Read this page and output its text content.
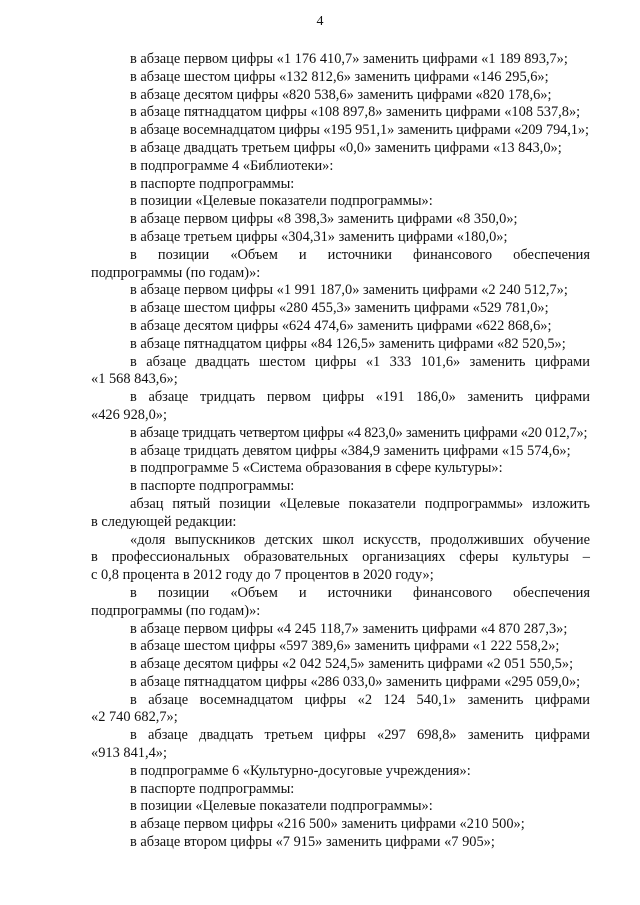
4
в абзаце первом цифры «1 176 410,7» заменить цифрами «1 189 893,7»;
в абзаце шестом цифры «132 812,6» заменить цифрами «146 295,6»;
в абзаце десятом цифры «820 538,6» заменить цифрами «820 178,6»;
в абзаце пятнадцатом цифры «108 897,8» заменить цифрами «108 537,8»;
в абзаце восемнадцатом цифры «195 951,1» заменить цифрами «209 794,1»;
в абзаце двадцать третьем цифры «0,0» заменить цифрами «13 843,0»;
в подпрограмме 4 «Библиотеки»:
в паспорте подпрограммы:
в позиции «Целевые показатели подпрограммы»:
в абзаце первом цифры «8 398,3» заменить цифрами «8 350,0»;
в абзаце третьем цифры «304,31» заменить цифрами «180,0»;
в позиции «Объем и источники финансового обеспечения
подпрограммы (по годам)»:
в абзаце первом цифры «1 991 187,0» заменить цифрами «2 240 512,7»;
в абзаце шестом цифры «280 455,3» заменить цифрами «529 781,0»;
в абзаце десятом цифры «624 474,6» заменить цифрами «622 868,6»;
в абзаце пятнадцатом цифры «84 126,5» заменить цифрами «82 520,5»;
в абзаце двадцать шестом цифры «1 333 101,6» заменить цифрами
«1 568 843,6»;
в абзаце тридцать первом цифры «191 186,0» заменить цифрами
«426 928,0»;
в абзаце тридцать четвертом цифры «4 823,0» заменить цифрами «20 012,7»;
в абзаце тридцать девятом цифры «384,9 заменить цифрами «15 574,6»;
в подпрограмме 5 «Система образования в сфере культуры»:
в паспорте подпрограммы:
абзац пятый позиции «Целевые показатели подпрограммы» изложить
в следующей редакции:
«доля выпускников детских школ искусств, продолживших обучение
в профессиональных образовательных организациях сферы культуры –
с 0,8 процента в 2012 году до 7 процентов в 2020 году»;
в позиции «Объем и источники финансового обеспечения
подпрограммы (по годам)»:
в абзаце первом цифры «4 245 118,7» заменить цифрами «4 870 287,3»;
в абзаце шестом цифры «597 389,6» заменить цифрами «1 222 558,2»;
в абзаце десятом цифры «2 042 524,5» заменить цифрами «2 051 550,5»;
в абзаце пятнадцатом цифры «286 033,0» заменить цифрами «295 059,0»;
в абзаце восемнадцатом цифры «2 124 540,1» заменить цифрами
«2 740 682,7»;
в абзаце двадцать третьем цифры «297 698,8» заменить цифрами
«913 841,4»;
в подпрограмме 6 «Культурно-досуговые учреждения»:
в паспорте подпрограммы:
в позиции «Целевые показатели подпрограммы»:
в абзаце первом цифры «216 500» заменить цифрами «210 500»;
в абзаце втором цифры «7 915» заменить цифрами «7 905»;
